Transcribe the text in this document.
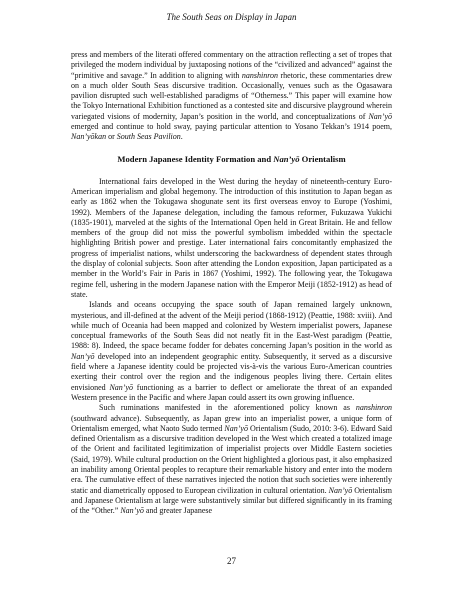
The South Seas on Display in Japan

press and members of the literati offered commentary on the attraction reflecting a set of tropes that privileged the modern individual by juxtaposing notions of the “civilized and advanced” against the “primitive and savage.” In addition to aligning with nanshinron rhetoric, these commentaries drew on a much older South Seas discursive tradition. Occasionally, venues such as the Ogasawara pavilion disrupted such well-established paradigms of “Otherness.” This paper will examine how the Tokyo International Exhibition functioned as a contested site and discursive playground wherein variegated visions of modernity, Japan’s position in the world, and conceptualizations of Nan’yō emerged and continue to hold sway, paying particular attention to Yosano Tekkan’s 1914 poem, Nan’yōkan or South Seas Pavilion.

Modern Japanese Identity Formation and Nan’yō Orientalism

International fairs developed in the West during the heyday of nineteenth-century Euro-American imperialism and global hegemony. The introduction of this institution to Japan began as early as 1862 when the Tokugawa shogunate sent its first overseas envoy to Europe (Yoshimi, 1992). Members of the Japanese delegation, including the famous reformer, Fukuzawa Yukichi (1835-1901), marveled at the sights of the International Open held in Great Britain. He and fellow members of the group did not miss the powerful symbolism imbedded within the spectacle highlighting British power and prestige. Later international fairs concomitantly emphasized the progress of imperialist nations, whilst underscoring the backwardness of dependent states through the display of colonial subjects. Soon after attending the London exposition, Japan participated as a member in the World’s Fair in Paris in 1867 (Yoshimi, 1992). The following year, the Tokugawa regime fell, ushering in the modern Japanese nation with the Emperor Meiji (1852-1912) as head of state.

Islands and oceans occupying the space south of Japan remained largely unknown, mysterious, and ill-defined at the advent of the Meiji period (1868-1912) (Peattie, 1988: xviii). And while much of Oceania had been mapped and colonized by Western imperialist powers, Japanese conceptual frameworks of the South Seas did not neatly fit in the East-West paradigm (Peattie, 1988: 8). Indeed, the space became fodder for debates concerning Japan’s position in the world as Nan’yō developed into an independent geographic entity. Subsequently, it served as a discursive field where a Japanese identity could be projected vis-à-vis the various Euro-American countries exerting their control over the region and the indigenous peoples living there. Certain elites envisioned Nan’yō functioning as a barrier to deflect or ameliorate the threat of an expanded Western presence in the Pacific and where Japan could assert its own growing influence.

Such ruminations manifested in the aforementioned policy known as nanshinron (southward advance). Subsequently, as Japan grew into an imperialist power, a unique form of Orientalism emerged, what Naoto Sudo termed Nan’yō Orientalism (Sudo, 2010: 3-6). Edward Said defined Orientalism as a discursive tradition developed in the West which created a totalized image of the Orient and facilitated legitimization of imperialist projects over Middle Eastern societies (Said, 1979). While cultural production on the Orient highlighted a glorious past, it also emphasized an inability among Oriental peoples to recapture their remarkable history and enter into the modern era. The cumulative effect of these narratives injected the notion that such societies were inherently static and diametrically opposed to European civilization in cultural orientation. Nan’yō Orientalism and Japanese Orientalism at large were substantively similar but differed significantly in its framing of the “Other.” Nan’yō and greater Japanese

27
